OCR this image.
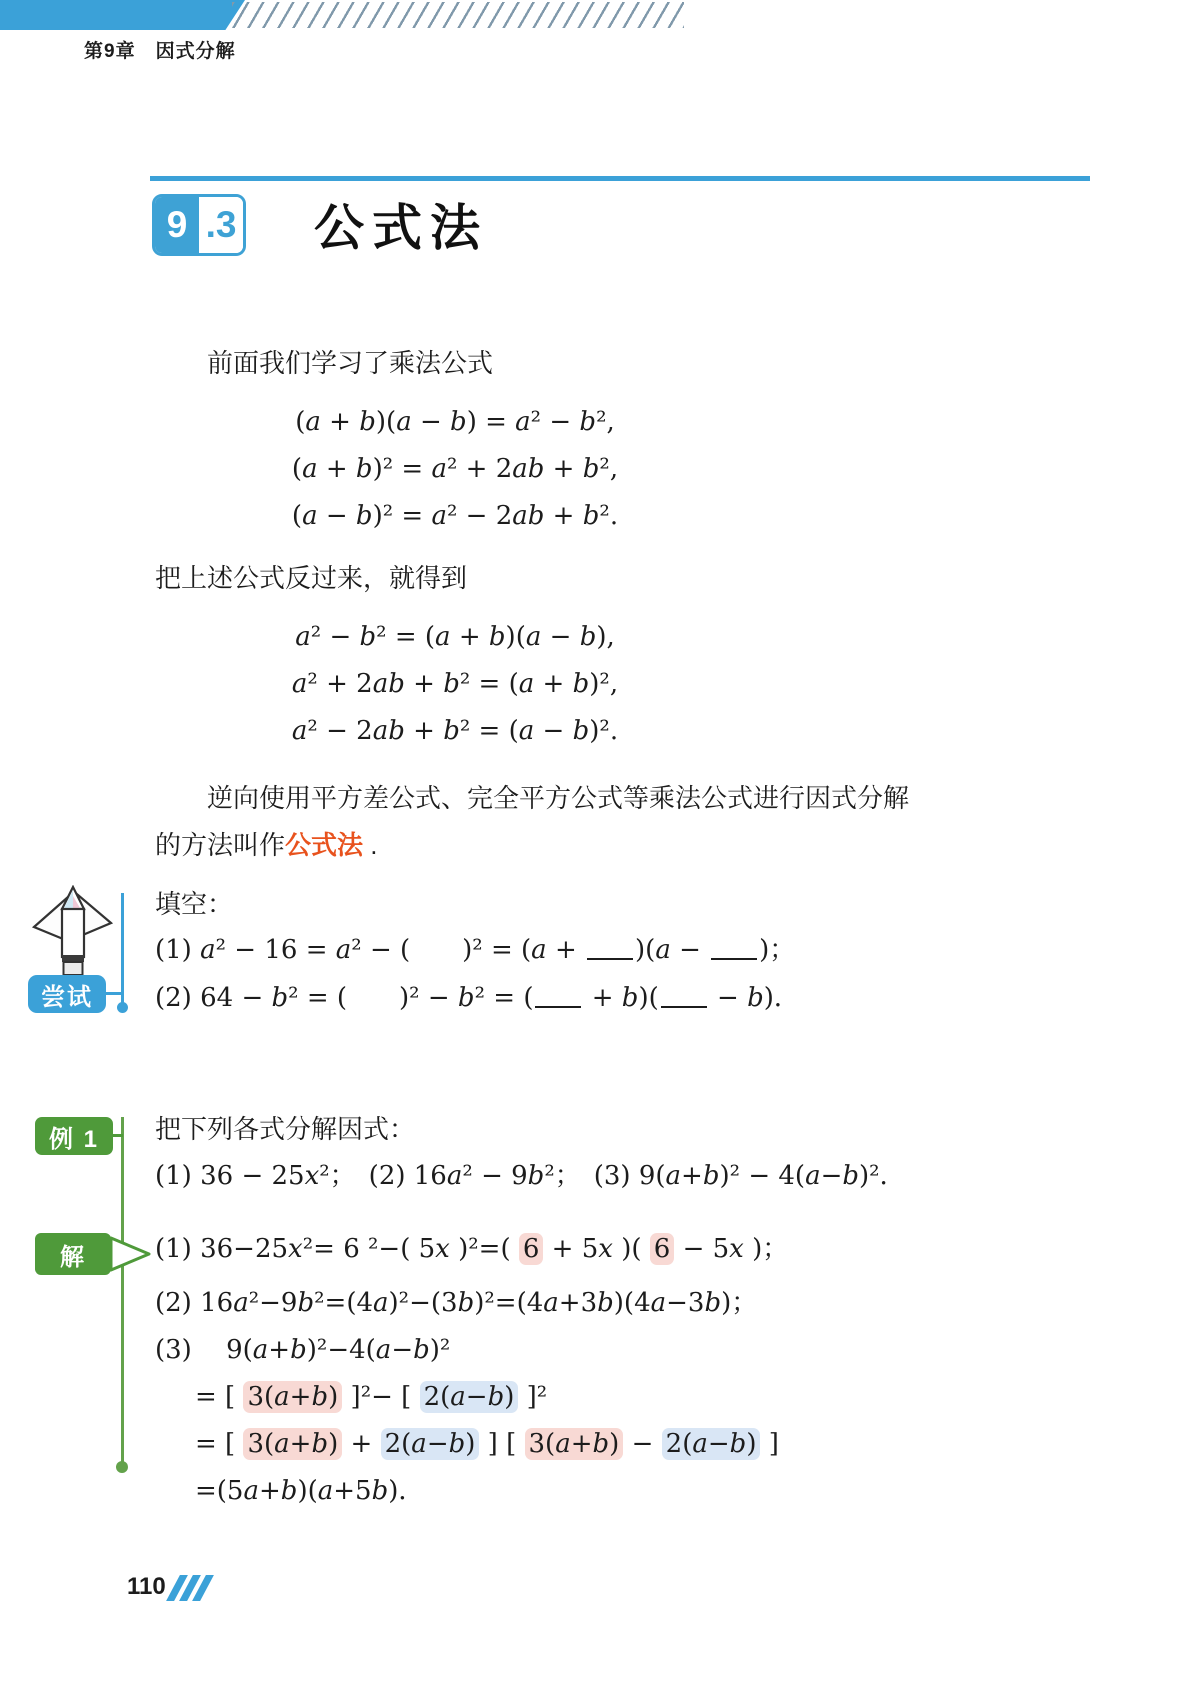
第9章　因式分解
9 .3 公式法
前面我们学习了乘法公式
(a + b)(a − b) = a² − b²,
(a + b)² = a² + 2ab + b²,
(a − b)² = a² − 2ab + b².
把上述公式反过来，就得到
a² − b² = (a + b)(a − b),
a² + 2ab + b² = (a + b)²,
a² − 2ab + b² = (a − b)².
逆向使用平方差公式、完全平方公式等乘法公式进行因式分解
的方法叫作公式法 .
尝试
填空：
(1) a² − 16 = a² − (　　)² = (a + )(a − )；
(2) 64 − b² = (　　)² − b² = ( + b)( − b)．
例 1	把下列各式分解因式：
(1) 36 − 25x²；　(2) 16a² − 9b²；　(3) 9(a+b)² − 4(a−b)²．
解	(1) 36−25x²= 6 ²−( 5x )²=( 6 + 5x )( 6 − 5x )；
(2) 16a²−9b²=(4a)²−(3b)²=(4a+3b)(4a−3b)；
(3)　 9(a+b)²−4(a−b)²
= [ 3(a+b) ]²− [ 2(a−b) ]²
= [ 3(a+b) + 2(a−b) ] [ 3(a+b) − 2(a−b) ]
=(5a+b)(a+5b)．
110
